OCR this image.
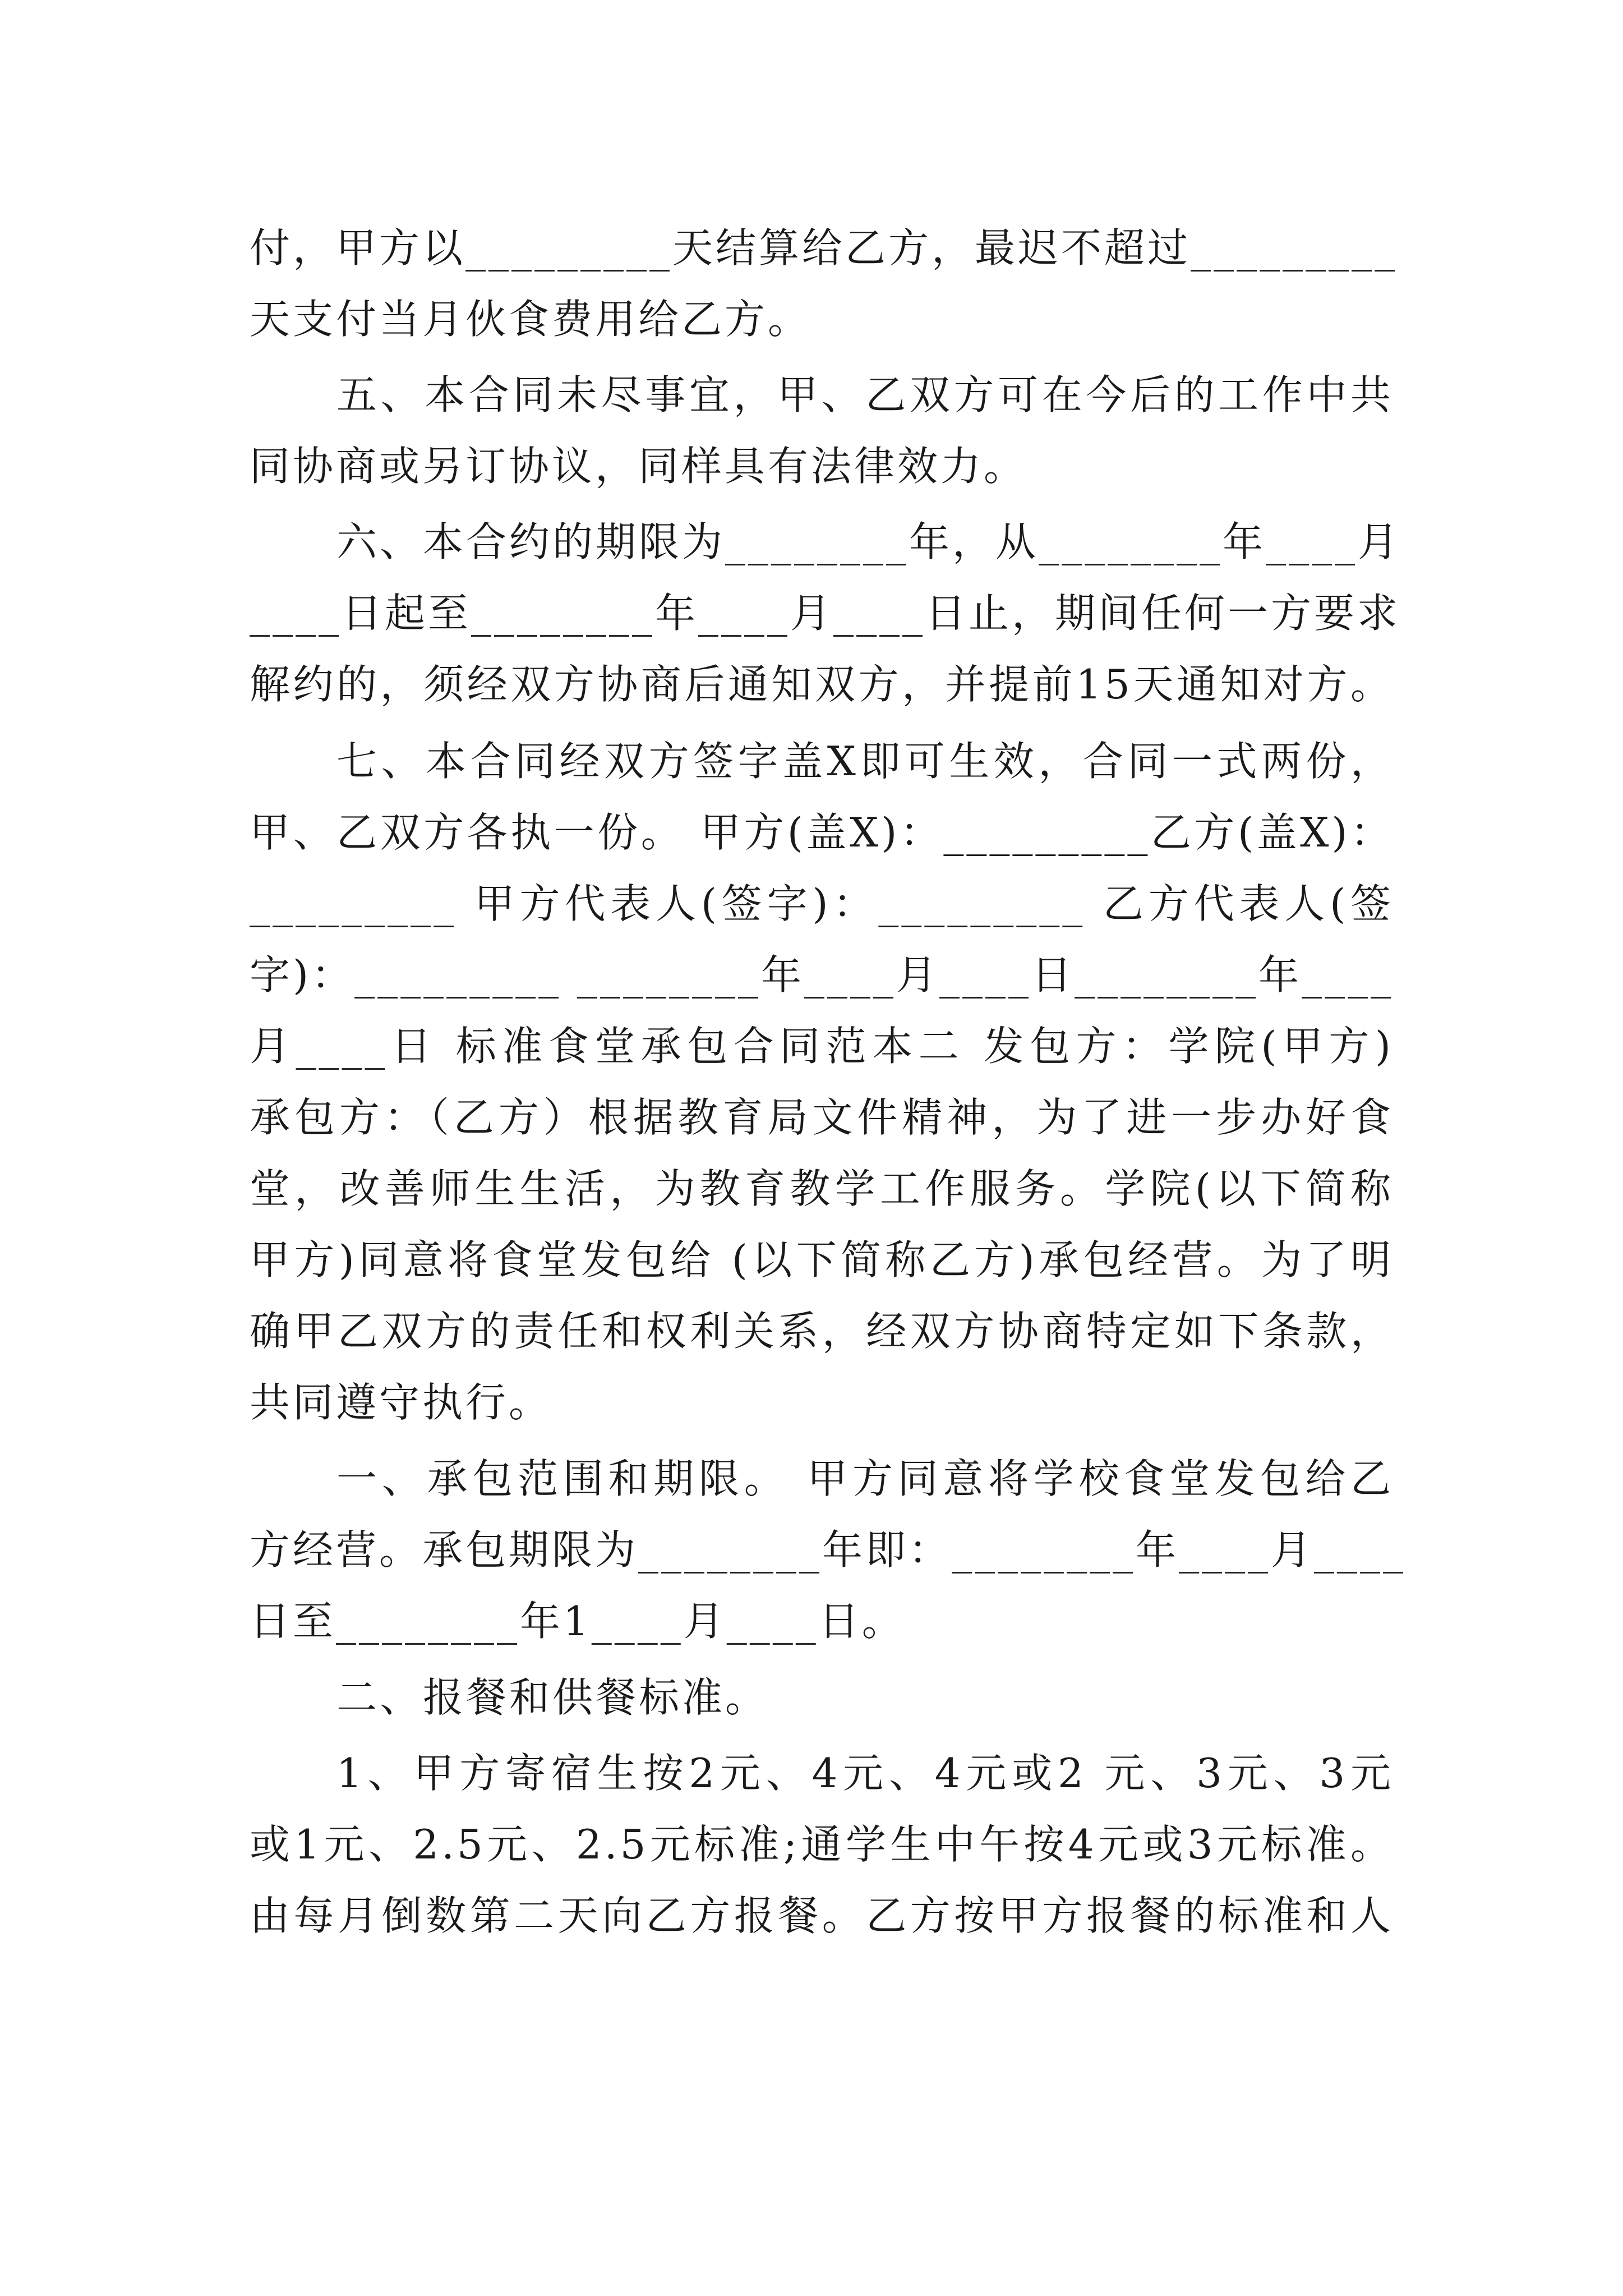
付，甲方以_________天结算给乙方，最迟不超过_________
天支付当月伙食费用给乙方。
五、本合同未尽事宜，甲、乙双方可在今后的工作中共
同协商或另订协议，同样具有法律效力。
六、本合约的期限为________年，从________年____月
____日起至________年____月____日止，期间任何一方要求
解约的，须经双方协商后通知双方，并提前15天通知对方。
七、本合同经双方签字盖X即可生效，合同一式两份，
甲、乙双方各执一份。 甲方(盖X)：_________乙方(盖X)：
_________ 甲方代表人(签字)：_________ 乙方代表人(签
字)：_________ ________年____月____日________年____
月____日 标准食堂承包合同范本二 发包方：学院(甲方)
承包方：（乙方）根据教育局文件精神，为了进一步办好食
堂，改善师生生活，为教育教学工作服务。学院(以下简称
甲方)同意将食堂发包给 (以下简称乙方)承包经营。为了明
确甲乙双方的责任和权利关系，经双方协商特定如下条款，
共同遵守执行。
一、承包范围和期限。 甲方同意将学校食堂发包给乙
方经营。承包期限为________年即：________年____月____
日至________年1____月____日。
二、报餐和供餐标准。
1、甲方寄宿生按2元、4元、4元或2 元、3元、3元
或1元、2.5元、2.5元标准;通学生中午按4元或3元标准。
由每月倒数第二天向乙方报餐。乙方按甲方报餐的标准和人
